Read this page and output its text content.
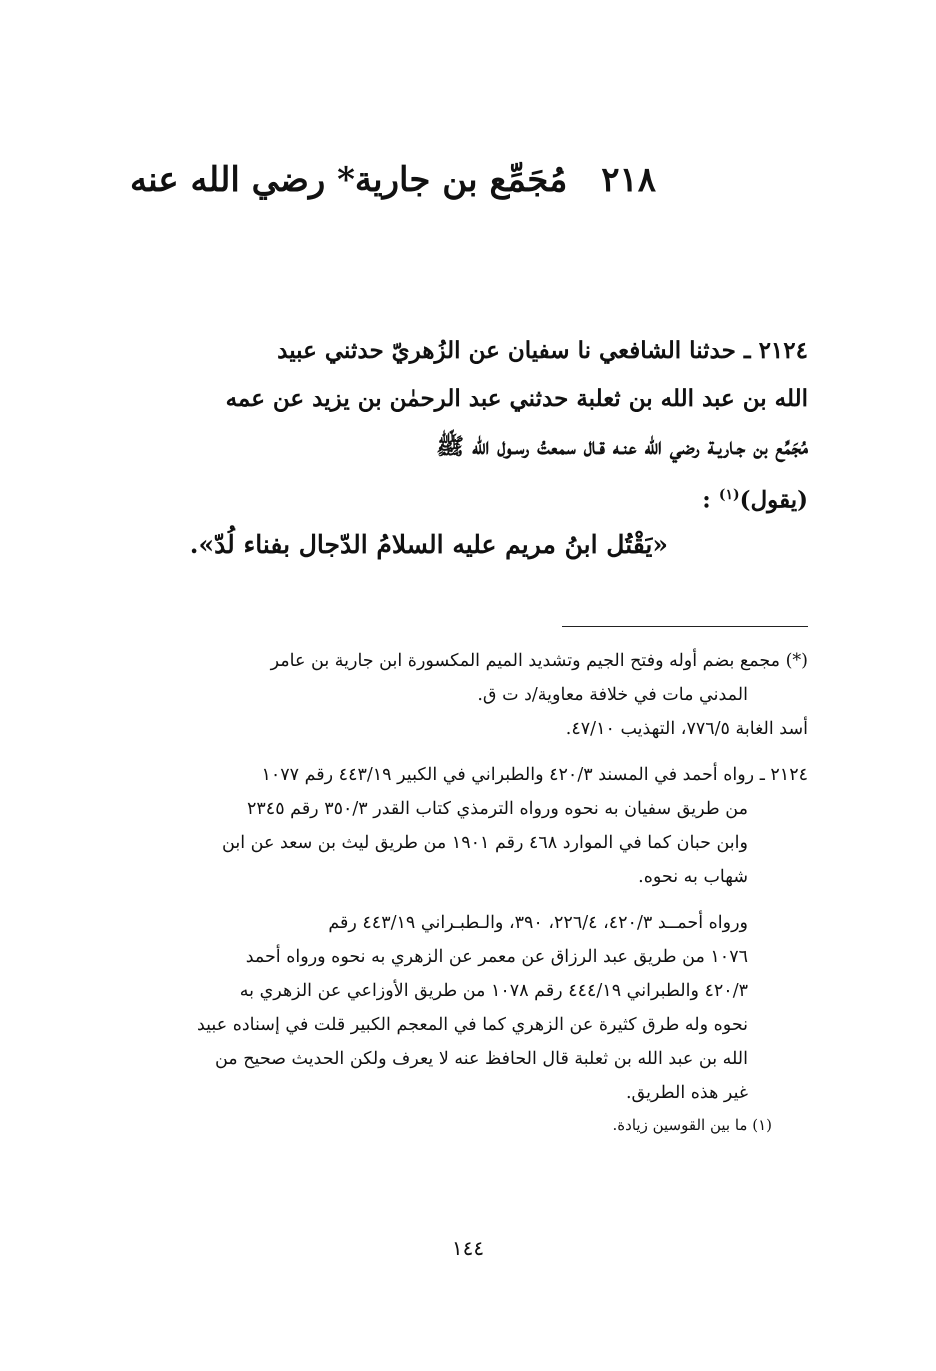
٢١٨ مُجَمِّع بن جارية* رضي الله عنه
٢١٢٤ ـ حدثنا الشافعي نا سفيان عن الزُهريّ حدثني عبيد
الله بن عبد الله بن ثعلبة حدثني عبد الرحمٰن بن يزيد عن عمه
مُجَمِّع بن جـاريـة رضي الله عنـه قـال سمعتُ رسـول الله ﷺ
(يقول)$^{(١)}$ :
«يَقْتُل ابنُ مريم عليه السلامُ الدّجال بفناء لُدّ».
(*) مجمع بضم أوله وفتح الجيم وتشديد الميم المكسورة ابن جارية بن عامر
المدني مات في خلافة معاوية/د ت ق.
أسد الغابة ٧٧٦/٥، التهذيب ٤٧/١٠.
٢١٢٤ ـ رواه أحمد في المسند ٤٢٠/٣ والطبراني في الكبير ٤٤٣/١٩ رقم ١٠٧٧
من طريق سفيان به نحوه ورواه الترمذي كتاب القدر ٣٥٠/٣ رقم ٢٣٤٥
وابن حبان كما في الموارد ٤٦٨ رقم ١٩٠١ من طريق ليث بن سعد عن ابن
شهاب به نحوه.
ورواه أحمــد ٤٢٠/٣، ٢٢٦/٤، ٣٩٠، والـطبـراني ٤٤٣/١٩ رقم
١٠٧٦ من طريق عبد الرزاق عن معمر عن الزهري به نحوه ورواه أحمد
٤٢٠/٣ والطبراني ٤٤٤/١٩ رقم ١٠٧٨ من طريق الأوزاعي عن الزهري به
نحوه وله طرق كثيرة عن الزهري كما في المعجم الكبير قلت في إسناده عبيد
الله بن عبد الله بن ثعلبة قال الحافظ عنه لا يعرف ولكن الحديث صحيح من
غير هذه الطريق.
(١) ما بين القوسين زيادة.
١٤٤
